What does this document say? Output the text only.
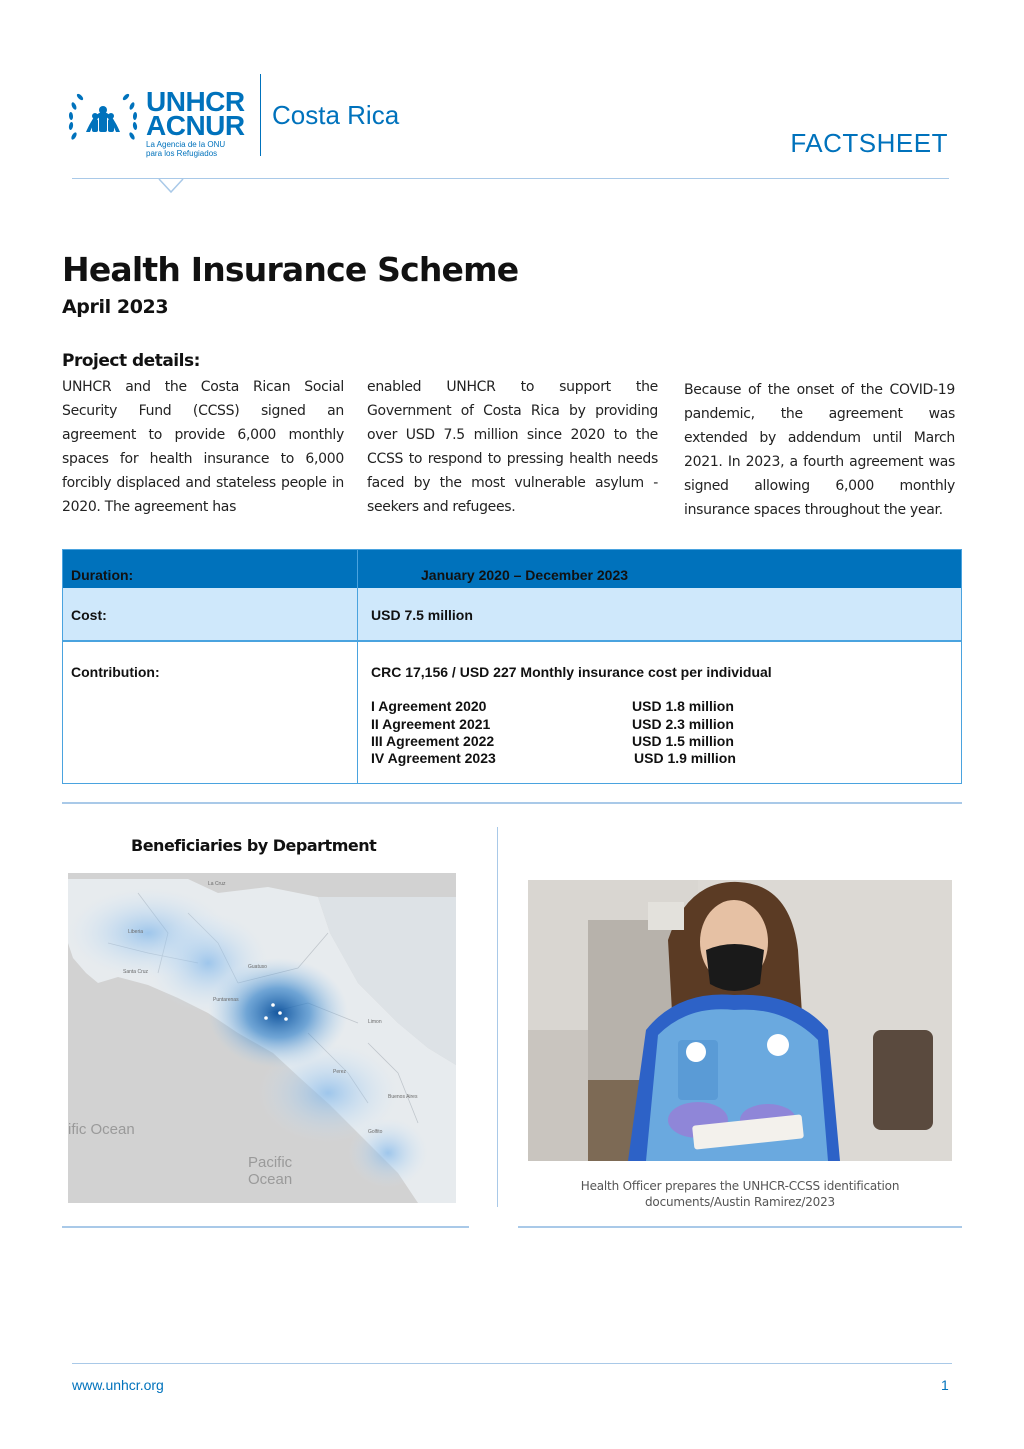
UNHCR
ACNUR
La Agencia de la ONU
para los Refugiados
Costa Rica
FACTSHEET
Health Insurance Scheme
April 2023
Project details:
UNHCR and the Costa Rican Social Security Fund (CCSS) signed an agreement to provide 6,000 monthly spaces for health insurance to 6,000 forcibly displaced and stateless people in 2020. The agreement has
enabled UNHCR to support the Government of Costa Rica by providing over USD 7.5 million since 2020 to the CCSS to respond to pressing health needs faced by the most vulnerable asylum - seekers and refugees.
Because of the onset of the COVID-19 pandemic, the agreement was extended by addendum until March 2021. In 2023, a fourth agreement was signed allowing 6,000 monthly insurance spaces throughout the year.
Duration:	January 2020 – December 2023
Cost:	USD 7.5 million
Contribution:	CRC 17,156 / USD 227 Monthly insurance cost per individual
I Agreement 2020	USD 1.8 million
II Agreement 2021	USD 2.3 million
III Agreement 2022	USD 1.5 million
IV Agreement 2023	USD 1.9 million
Beneficiaries by Department
La Cruz
Liberia
Guatuso
Santa Cruz
Puntarenas
Limon
Perez
Buenos Aires
Golfito
ific Ocean
Pacific
Ocean	Health Officer prepares the UNHCR-CCSS identification documents/Austin Ramirez/2023
www.unhcr.org	1
